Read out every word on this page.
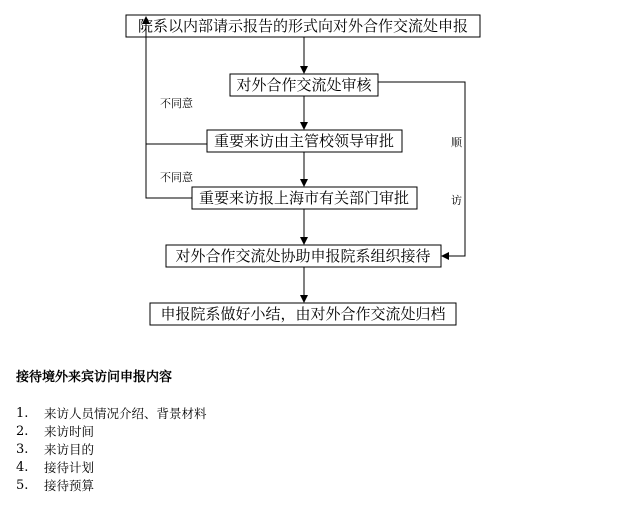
院系以内部请示报告的形式向对外合作交流处申报
对外合作交流处审核
重要来访由主管校领导审批
重要来访报上海市有关部门审批
对外合作交流处协助申报院系组织接待
申报院系做好小结，由对外合作交流处归档
不同意
不同意
顺
访
接待境外来宾访问申报内容
1.	来访人员情况介绍、背景材料
2.	来访时间
3.	来访目的
4.	接待计划
5.	接待预算
